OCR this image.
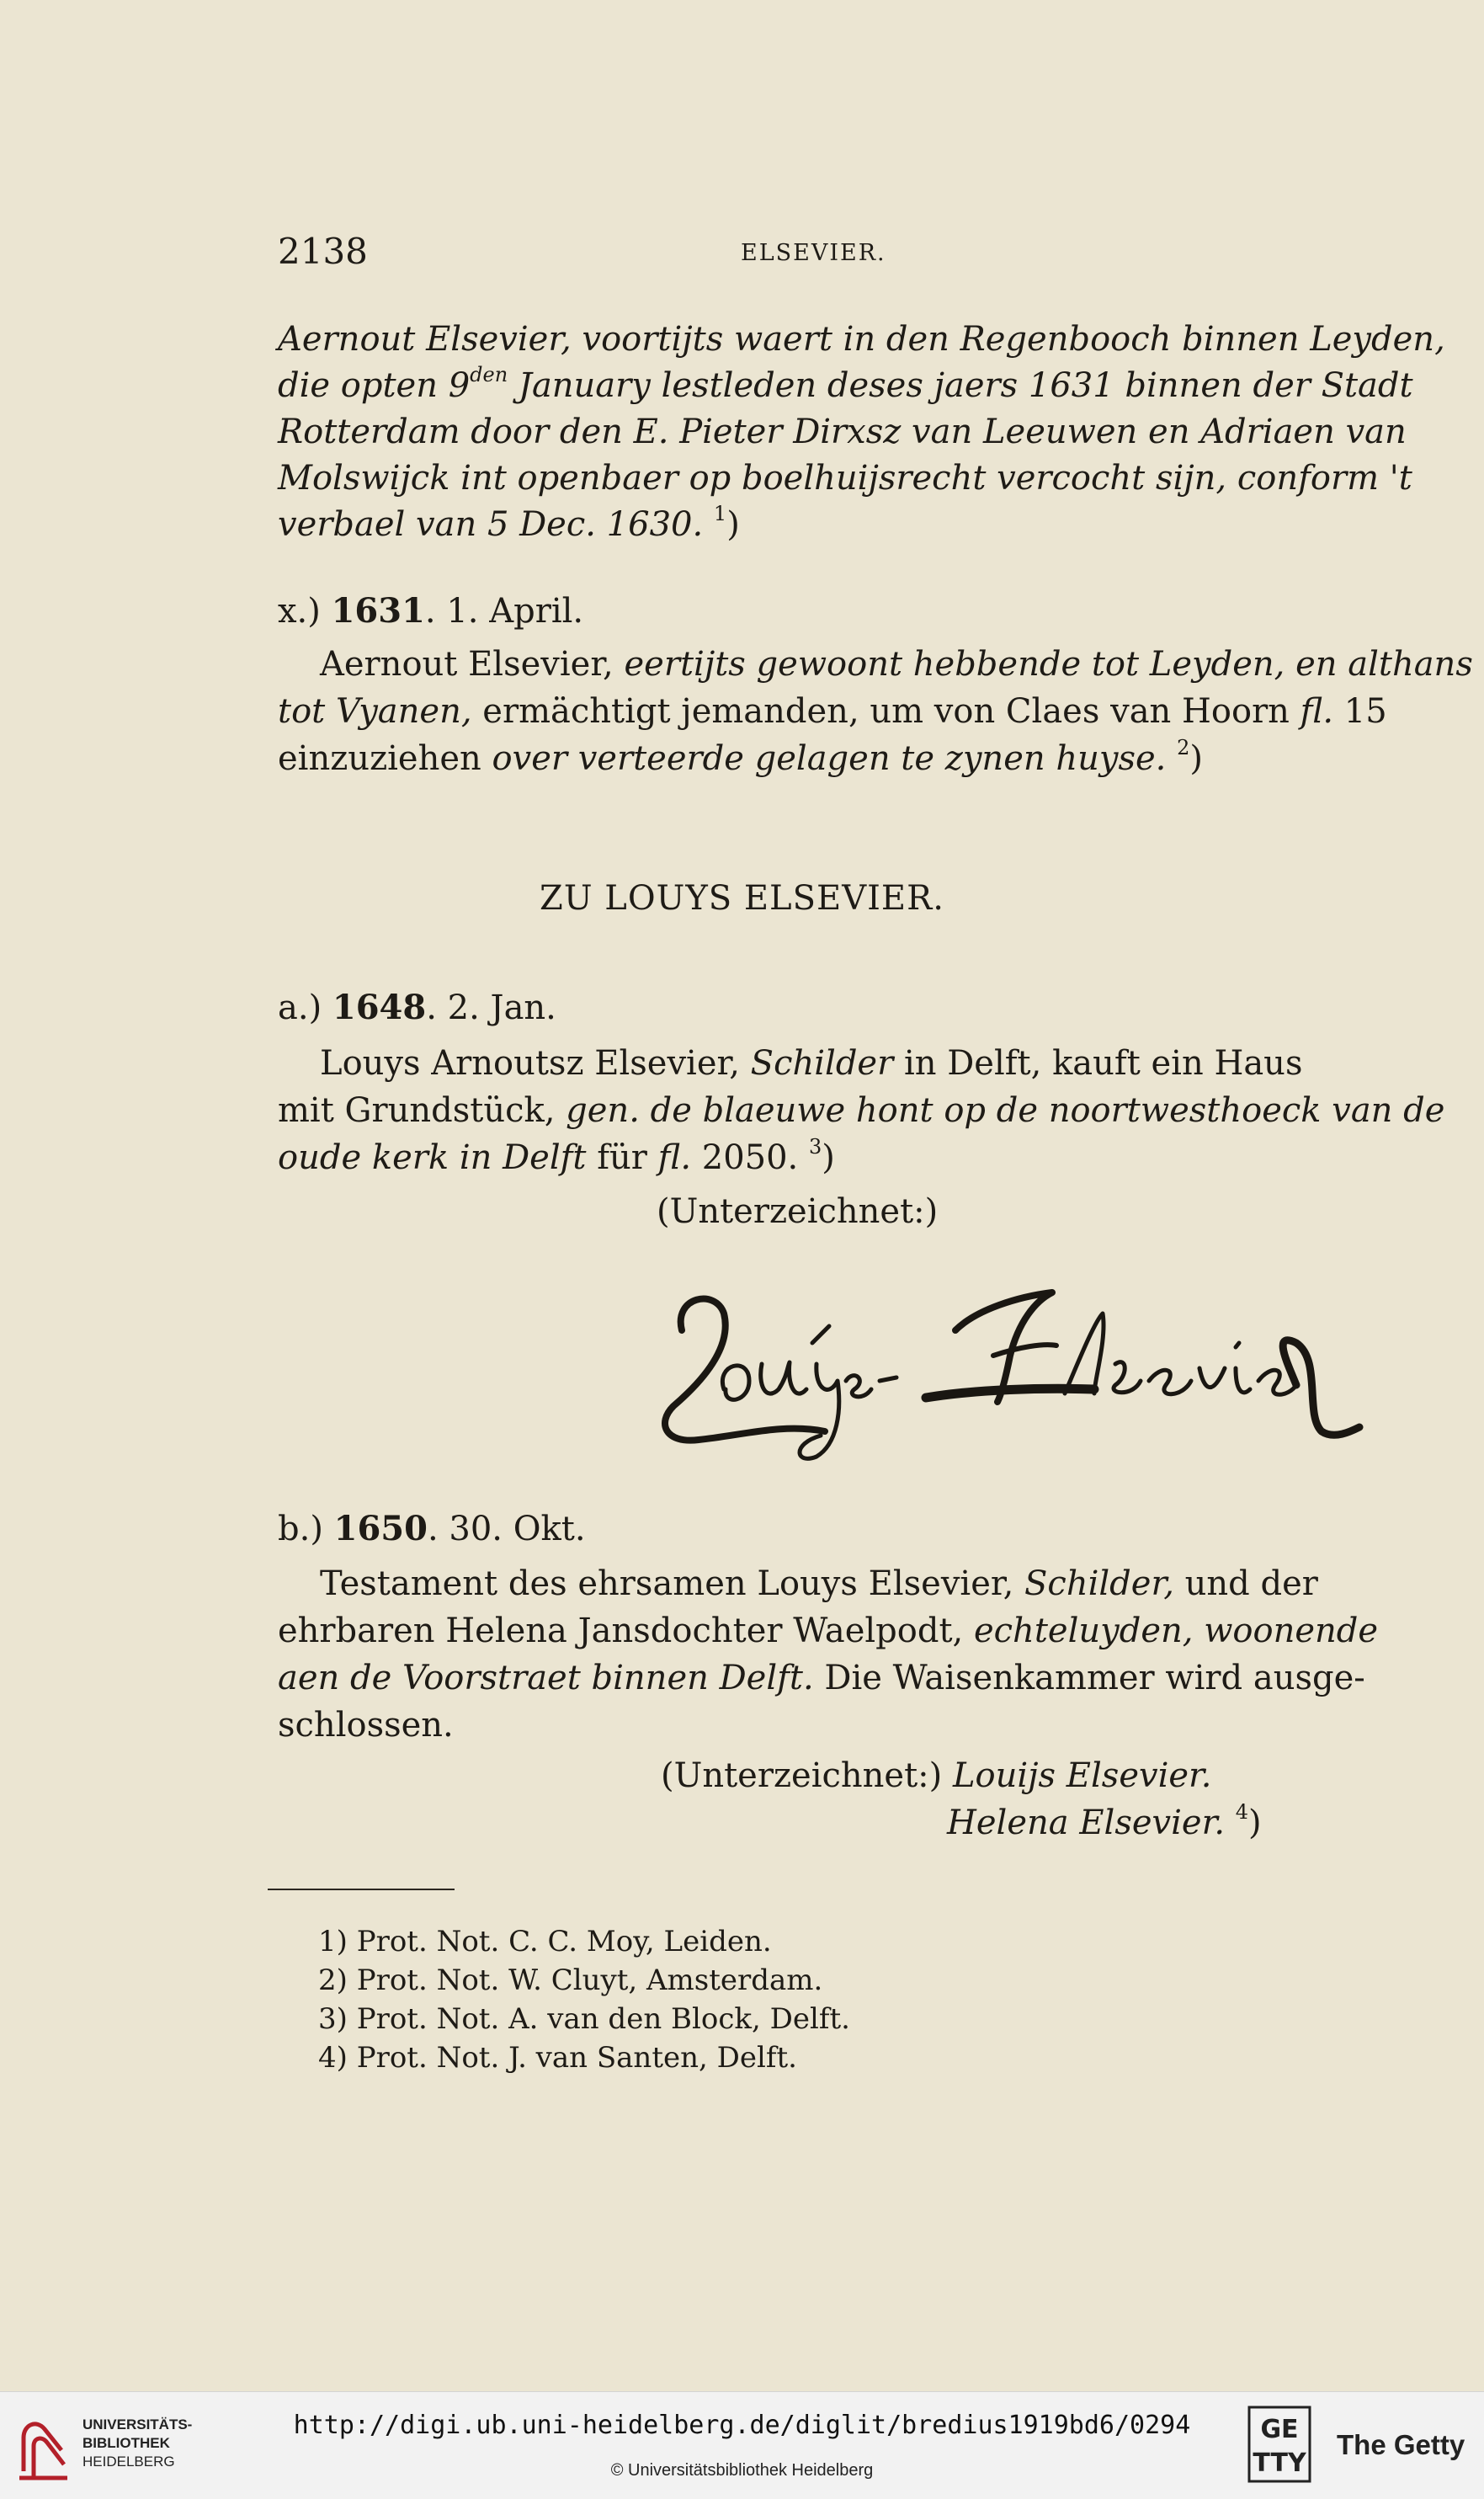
2138	ELSEVIER.
Aernout Elsevier, voortijts waert in den Regenbooch binnen Leyden,
die opten $9^{den}$ January lestleden deses jaers 1631 binnen der Stadt
Rotterdam door den E. Pieter Dirxsz van Leeuwen en Adriaen van
Molswijck int openbaer op boelhuijsrecht vercocht sijn, conform 't
verbael van 5 Dec. 1630. $^1$)
x.) 1631. 1. April.
Aernout Elsevier, eertijts gewoont hebbende tot Leyden, en althans
tot Vyanen, ermächtigt jemanden, um von Claes van Hoorn fl. 15
einzuziehen over verteerde gelagen te zynen huyse. $^2$)
ZU LOUYS ELSEVIER.
a.) 1648. 2. Jan.
Louys Arnoutsz Elsevier, Schilder in Delft, kauft ein Haus
mit Grundstück, gen. de blaeuwe hont op de noortwesthoeck van de
oude kerk in Delft für fl. 2050. $^3$)
(Unterzeichnet:)
b.) 1650. 30. Okt.
Testament des ehrsamen Louys Elsevier, Schilder, und der
ehrbaren Helena Jansdochter Waelpodt, echteluyden, woonende
aen de Voorstraet binnen Delft. Die Waisenkammer wird ausge-
schlossen.
(Unterzeichnet:) Louijs Elsevier.
Helena Elsevier. $^4$)
1) Prot. Not. C. C. Moy, Leiden.
2) Prot. Not. W. Cluyt, Amsterdam.
3) Prot. Not. A. van den Block, Delft.
4) Prot. Not. J. van Santen, Delft.
UNIVERSITÄTS-
BIBLIOTHEK
HEIDELBERG
http://digi.ub.uni-heidelberg.de/diglit/bredius1919bd6/0294
© Universitätsbibliothek Heidelberg
GE
TTY
The Getty
